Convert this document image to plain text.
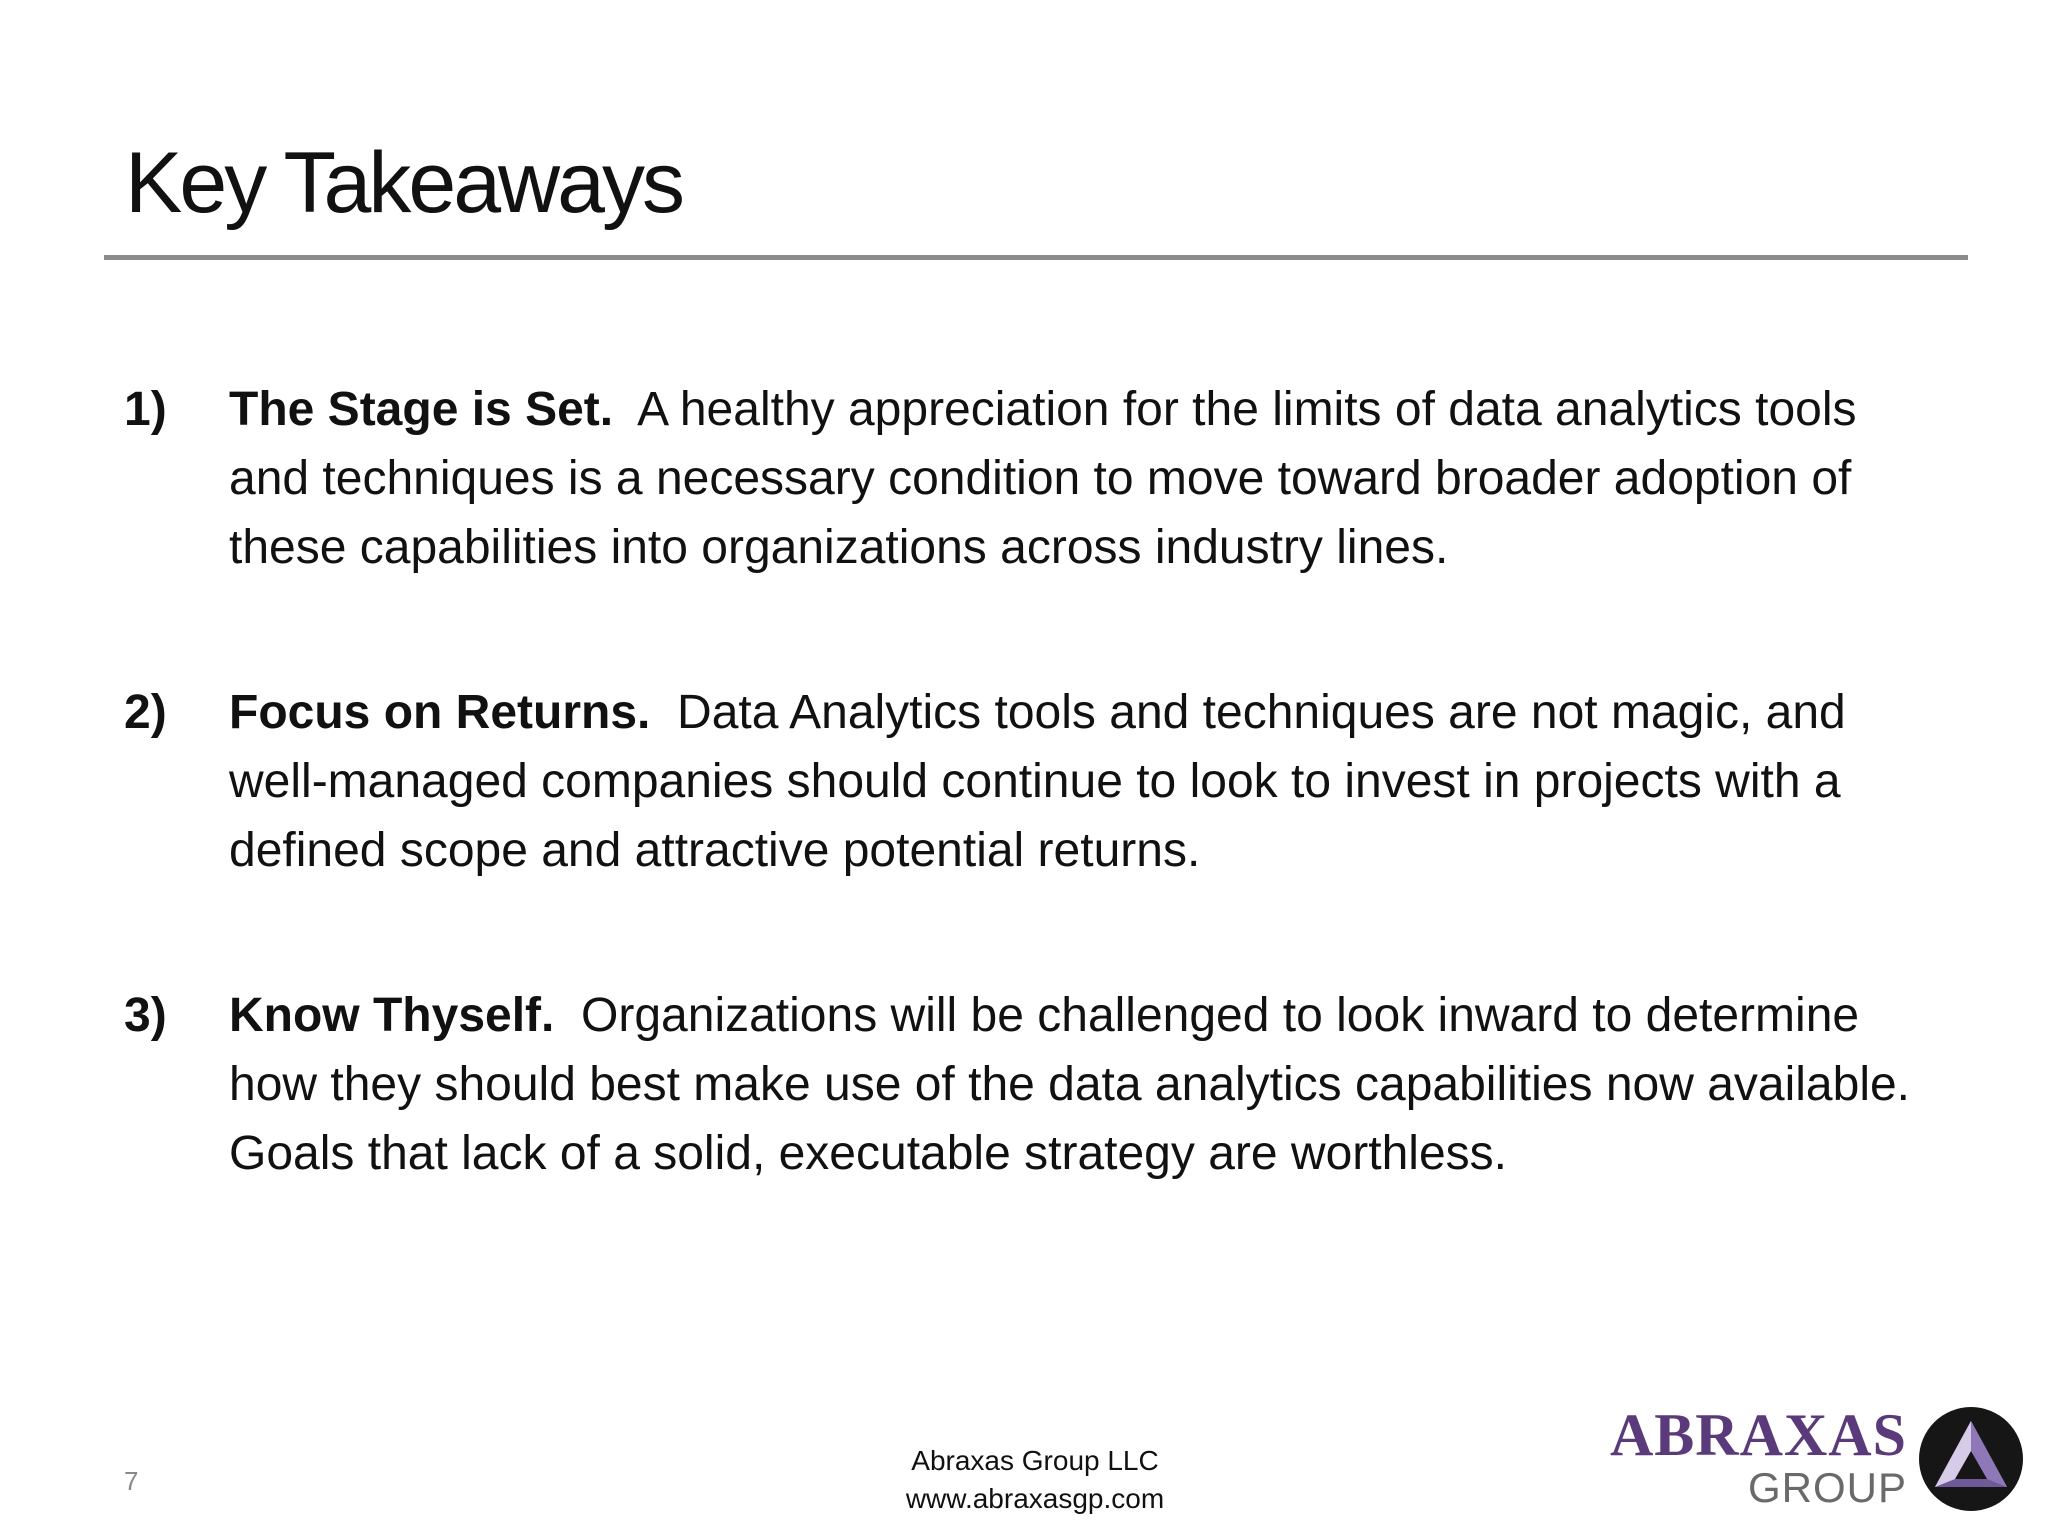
Key Takeaways
1)	The Stage is Set. A healthy appreciation for the limits of data analytics tools and techniques is a necessary condition to move toward broader adoption of these capabilities into organizations across industry lines.
2)	Focus on Returns. Data Analytics tools and techniques are not magic, and well-managed companies should continue to look to invest in projects with a defined scope and attractive potential returns.
3)	Know Thyself. Organizations will be challenged to look inward to determine how they should best make use of the data analytics capabilities now available. Goals that lack of a solid, executable strategy are worthless.
7
Abraxas Group LLC
www.abraxasgp.com
ABRAXAS
GROUP
